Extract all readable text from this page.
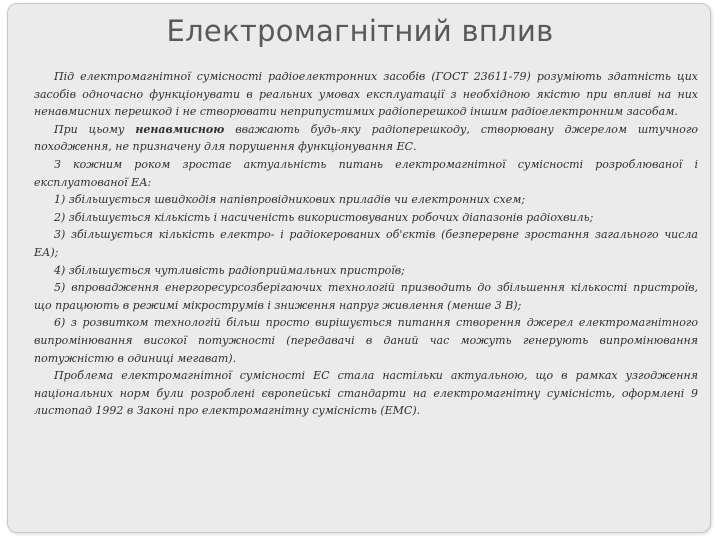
Електромагнітний вплив

Під електромагнітної сумісності радіоелектронних засобів (ГОСТ 23611-79) розуміють здатність цих засобів одночасно функціонувати в реальних умовах експлуатації з необхідною якістю при впливі на них ненавмисних перешкод і не створювати неприпустимих радіоперешкод іншим радіоелектронним засобам.

При цьому ненавмисною вважають будь-яку радіоперешкоду, створювану джерелом штучного походження, не призначену для порушення функціонування ЕС.

З кожним роком зростає актуальність питань електромагнітної сумісності розроблюваної і експлуатованої ЕА:

1) збільшується швидкодія напівпровідникових приладів чи електронних схем;

2) збільшується кількість і насиченість використовуваних робочих діапазонів радіохвиль;

3) збільшується кількість електро- і радіокерованих об'єктів (безперервне зростання загального числа ЕА);

4) збільшується чутливість радіоприймальних пристроїв;

5) впровадження енергоресурсозберігаючих технологій призводить до збільшення кількості пристроїв, що працюють в режимі мікрострумів і зниження напруг живлення (менше 3 В);

6) з розвитком технологій більш просто вирішується питання створення джерел електромагнітного випромінювання високої потужності (передавачі в даний час можуть генерують випромінювання потужністю в одиниці мегават).

Проблема електромагнітної сумісності ЕС стала настільки актуальною, що в рамках узгодження національних норм були розроблені європейські стандарти на електромагнітну сумісність, оформлені 9 листопад 1992 в Законі про електромагнітну сумісність (EMC).
